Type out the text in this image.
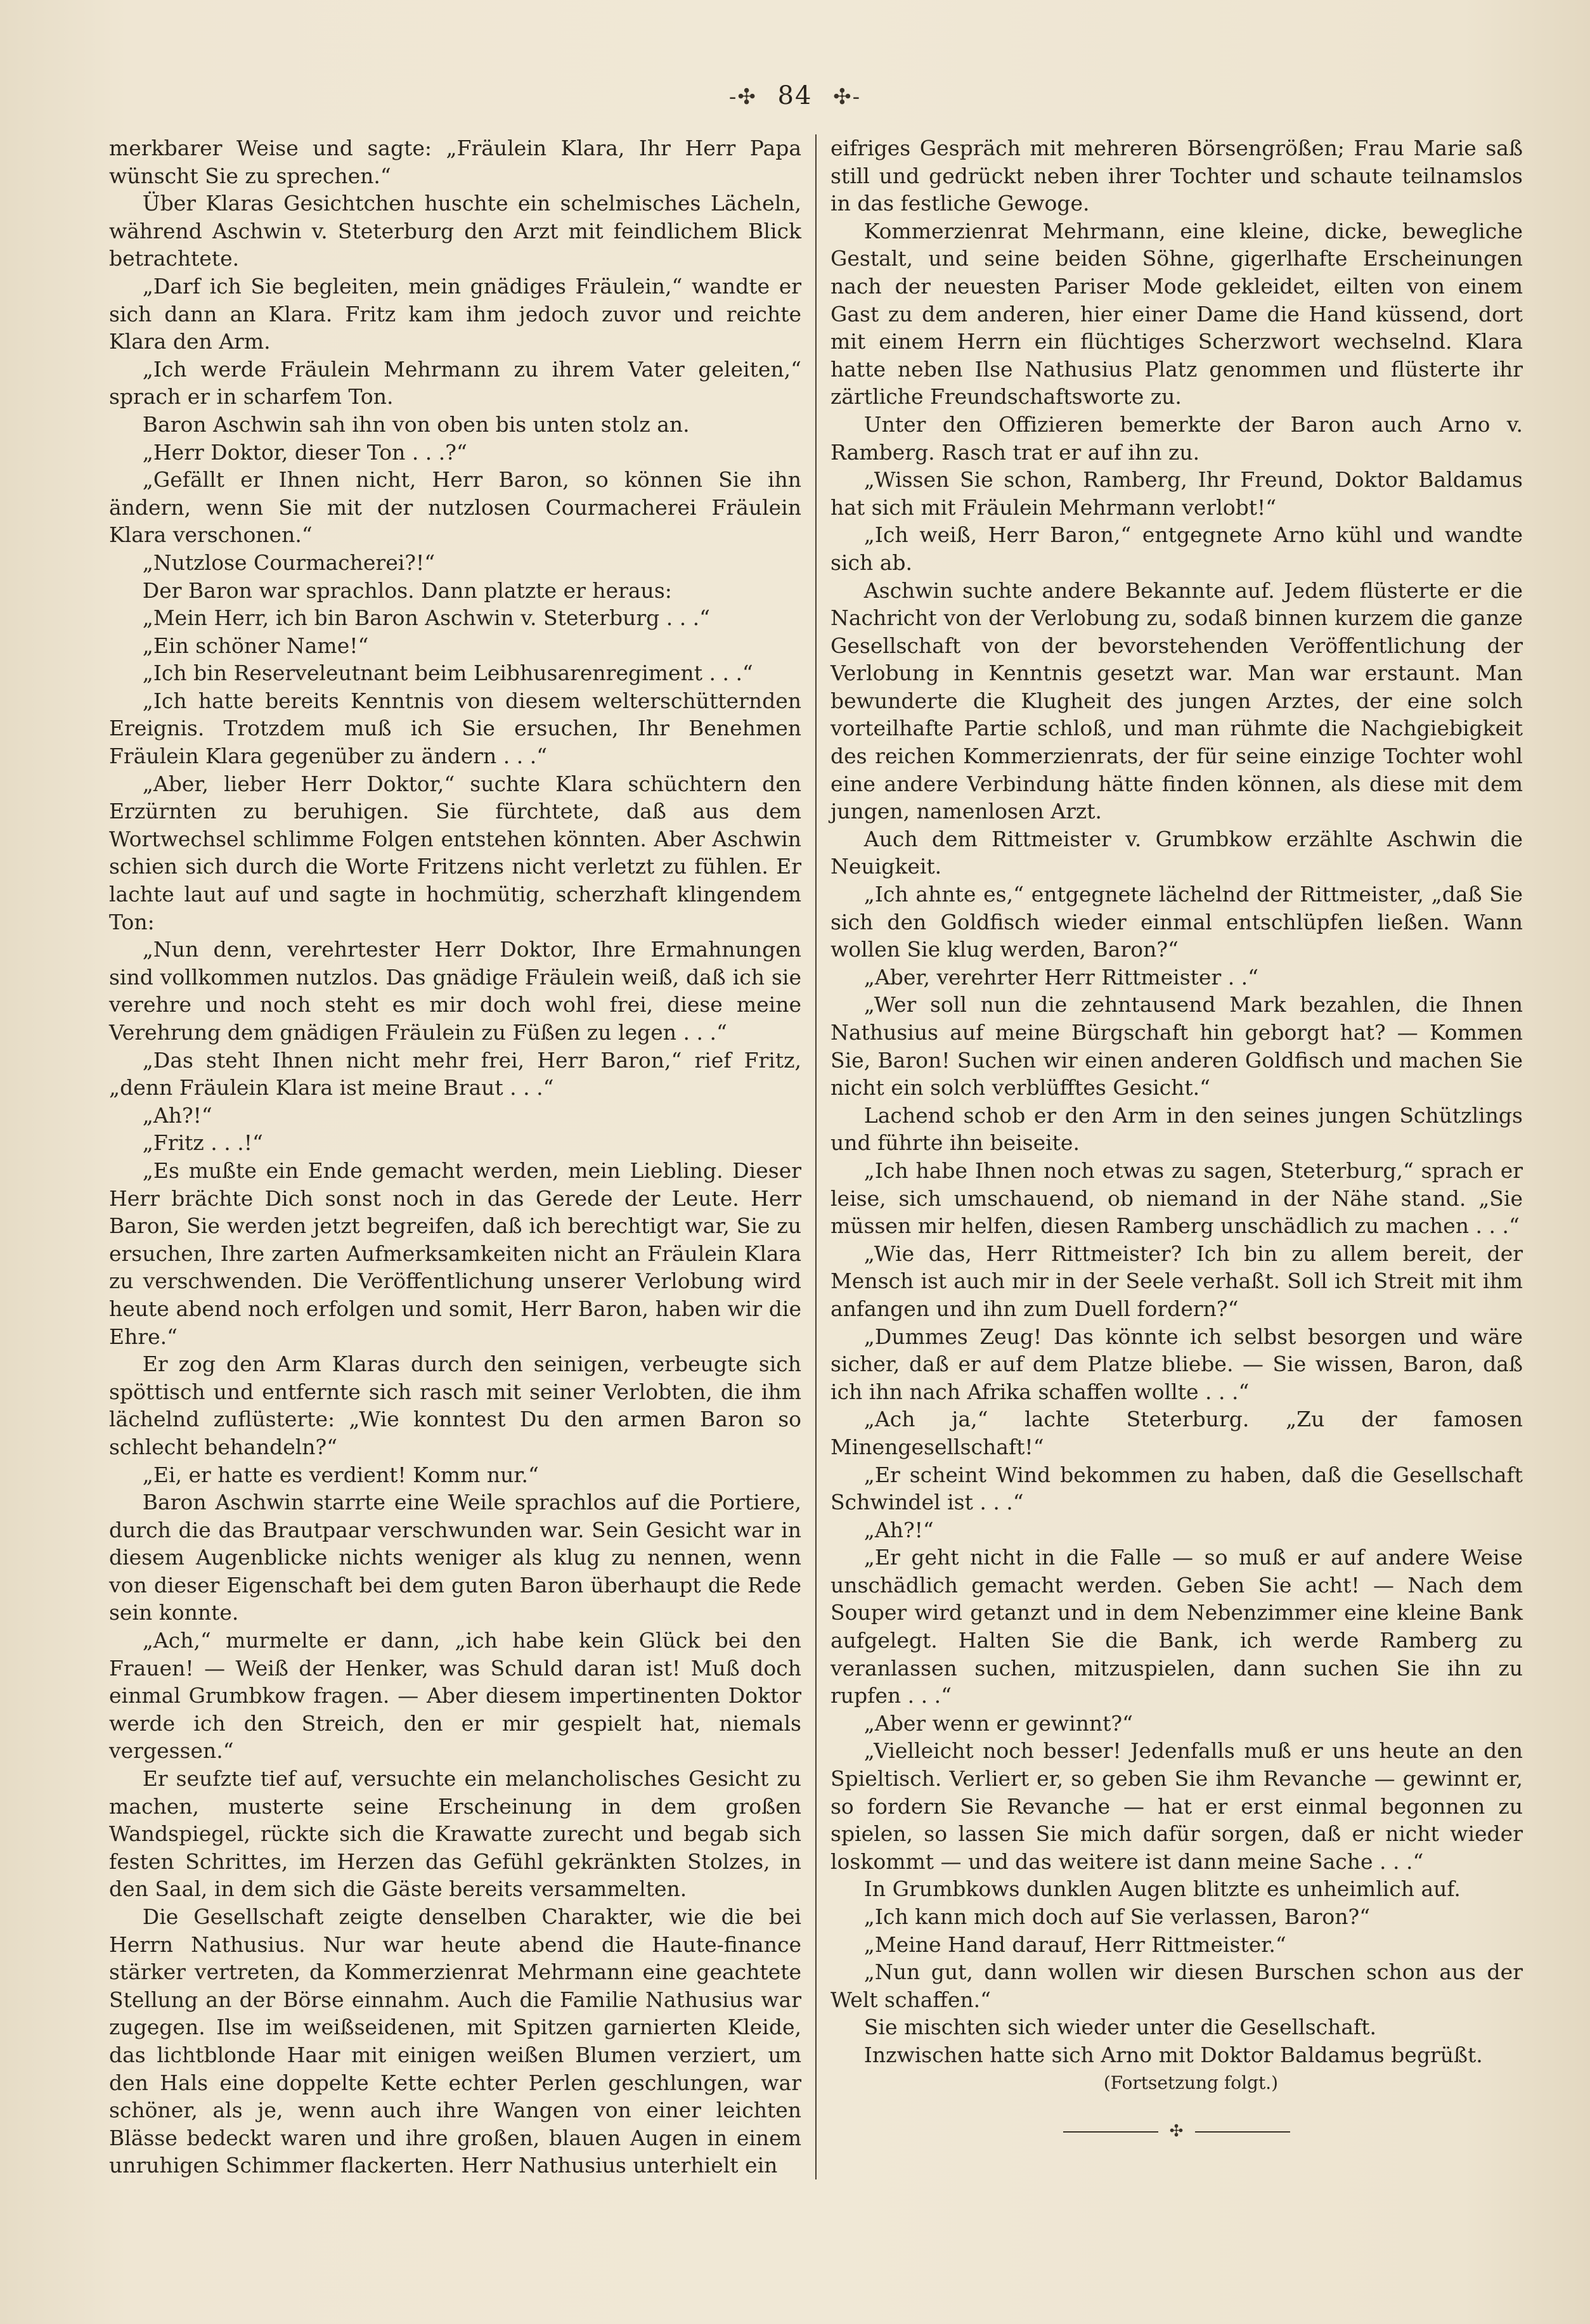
-✣ 84 ✣-

merkbarer Weise und sagte: „Fräulein Klara, Ihr Herr Papa wünscht Sie zu sprechen.“

Über Klaras Gesichtchen huschte ein schelmisches Lächeln, während Aschwin v. Steterburg den Arzt mit feindlichem Blick betrachtete.

„Darf ich Sie begleiten, mein gnädiges Fräulein,“ wandte er sich dann an Klara. Fritz kam ihm jedoch zuvor und reichte Klara den Arm.

„Ich werde Fräulein Mehrmann zu ihrem Vater geleiten,“ sprach er in scharfem Ton.

Baron Aschwin sah ihn von oben bis unten stolz an.

„Herr Doktor, dieser Ton . . .?“

„Gefällt er Ihnen nicht, Herr Baron, so können Sie ihn ändern, wenn Sie mit der nutzlosen Courmacherei Fräulein Klara verschonen.“

„Nutzlose Courmacherei?!“

Der Baron war sprachlos. Dann platzte er heraus:

„Mein Herr, ich bin Baron Aschwin v. Steterburg . . .“

„Ein schöner Name!“

„Ich bin Reserveleutnant beim Leibhusarenregiment . . .“

„Ich hatte bereits Kenntnis von diesem welterschütternden Ereignis. Trotzdem muß ich Sie ersuchen, Ihr Benehmen Fräulein Klara gegenüber zu ändern . . .“

„Aber, lieber Herr Doktor,“ suchte Klara schüchtern den Erzürnten zu beruhigen. Sie fürchtete, daß aus dem Wortwechsel schlimme Folgen entstehen könnten. Aber Aschwin schien sich durch die Worte Fritzens nicht verletzt zu fühlen. Er lachte laut auf und sagte in hochmütig, scherzhaft klingendem Ton:

„Nun denn, verehrtester Herr Doktor, Ihre Ermahnungen sind vollkommen nutzlos. Das gnädige Fräulein weiß, daß ich sie verehre und noch steht es mir doch wohl frei, diese meine Verehrung dem gnädigen Fräulein zu Füßen zu legen . . .“

„Das steht Ihnen nicht mehr frei, Herr Baron,“ rief Fritz, „denn Fräulein Klara ist meine Braut . . .“

„Ah?!“

„Fritz . . .!“

„Es mußte ein Ende gemacht werden, mein Liebling. Dieser Herr brächte Dich sonst noch in das Gerede der Leute. Herr Baron, Sie werden jetzt begreifen, daß ich berechtigt war, Sie zu ersuchen, Ihre zarten Aufmerksamkeiten nicht an Fräulein Klara zu verschwenden. Die Veröffentlichung unserer Verlobung wird heute abend noch erfolgen und somit, Herr Baron, haben wir die Ehre.“

Er zog den Arm Klaras durch den seinigen, verbeugte sich spöttisch und entfernte sich rasch mit seiner Verlobten, die ihm lächelnd zuflüsterte: „Wie konntest Du den armen Baron so schlecht behandeln?“

„Ei, er hatte es verdient! Komm nur.“

Baron Aschwin starrte eine Weile sprachlos auf die Portiere, durch die das Brautpaar verschwunden war. Sein Gesicht war in diesem Augenblicke nichts weniger als klug zu nennen, wenn von dieser Eigenschaft bei dem guten Baron überhaupt die Rede sein konnte.

„Ach,“ murmelte er dann, „ich habe kein Glück bei den Frauen! — Weiß der Henker, was Schuld daran ist! Muß doch einmal Grumbkow fragen. — Aber diesem impertinenten Doktor werde ich den Streich, den er mir gespielt hat, niemals vergessen.“

Er seufzte tief auf, versuchte ein melancholisches Gesicht zu machen, musterte seine Erscheinung in dem großen Wandspiegel, rückte sich die Krawatte zurecht und begab sich festen Schrittes, im Herzen das Gefühl gekränkten Stolzes, in den Saal, in dem sich die Gäste bereits versammelten.

Die Gesellschaft zeigte denselben Charakter, wie die bei Herrn Nathusius. Nur war heute abend die Haute-finance stärker vertreten, da Kommerzienrat Mehrmann eine geachtete Stellung an der Börse einnahm. Auch die Familie Nathusius war zugegen. Ilse im weißseidenen, mit Spitzen garnierten Kleide, das lichtblonde Haar mit einigen weißen Blumen verziert, um den Hals eine doppelte Kette echter Perlen geschlungen, war schöner, als je, wenn auch ihre Wangen von einer leichten Blässe bedeckt waren und ihre großen, blauen Augen in einem unruhigen Schimmer flackerten. Herr Nathusius unterhielt ein

eifriges Gespräch mit mehreren Börsengrößen; Frau Marie saß still und gedrückt neben ihrer Tochter und schaute teilnamslos in das festliche Gewoge.

Kommerzienrat Mehrmann, eine kleine, dicke, bewegliche Gestalt, und seine beiden Söhne, gigerlhafte Erscheinungen nach der neuesten Pariser Mode gekleidet, eilten von einem Gast zu dem anderen, hier einer Dame die Hand küssend, dort mit einem Herrn ein flüchtiges Scherzwort wechselnd. Klara hatte neben Ilse Nathusius Platz genommen und flüsterte ihr zärtliche Freundschaftsworte zu.

Unter den Offizieren bemerkte der Baron auch Arno v. Ramberg. Rasch trat er auf ihn zu.

„Wissen Sie schon, Ramberg, Ihr Freund, Doktor Baldamus hat sich mit Fräulein Mehrmann verlobt!“

„Ich weiß, Herr Baron,“ entgegnete Arno kühl und wandte sich ab.

Aschwin suchte andere Bekannte auf. Jedem flüsterte er die Nachricht von der Verlobung zu, sodaß binnen kurzem die ganze Gesellschaft von der bevorstehenden Veröffentlichung der Verlobung in Kenntnis gesetzt war. Man war erstaunt. Man bewunderte die Klugheit des jungen Arztes, der eine solch vorteilhafte Partie schloß, und man rühmte die Nachgiebigkeit des reichen Kommerzienrats, der für seine einzige Tochter wohl eine andere Verbindung hätte finden können, als diese mit dem jungen, namenlosen Arzt.

Auch dem Rittmeister v. Grumbkow erzählte Aschwin die Neuigkeit.

„Ich ahnte es,“ entgegnete lächelnd der Rittmeister, „daß Sie sich den Goldfisch wieder einmal entschlüpfen ließen. Wann wollen Sie klug werden, Baron?“

„Aber, verehrter Herr Rittmeister . .“

„Wer soll nun die zehntausend Mark bezahlen, die Ihnen Nathusius auf meine Bürgschaft hin geborgt hat? — Kommen Sie, Baron! Suchen wir einen anderen Goldfisch und machen Sie nicht ein solch verblüfftes Gesicht.“

Lachend schob er den Arm in den seines jungen Schützlings und führte ihn beiseite.

„Ich habe Ihnen noch etwas zu sagen, Steterburg,“ sprach er leise, sich umschauend, ob niemand in der Nähe stand. „Sie müssen mir helfen, diesen Ramberg unschädlich zu machen . . .“

„Wie das, Herr Rittmeister? Ich bin zu allem bereit, der Mensch ist auch mir in der Seele verhaßt. Soll ich Streit mit ihm anfangen und ihn zum Duell fordern?“

„Dummes Zeug! Das könnte ich selbst besorgen und wäre sicher, daß er auf dem Platze bliebe. — Sie wissen, Baron, daß ich ihn nach Afrika schaffen wollte . . .“

„Ach ja,“ lachte Steterburg. „Zu der famosen Minengesellschaft!“

„Er scheint Wind bekommen zu haben, daß die Gesellschaft Schwindel ist . . .“

„Ah?!“

„Er geht nicht in die Falle — so muß er auf andere Weise unschädlich gemacht werden. Geben Sie acht! — Nach dem Souper wird getanzt und in dem Nebenzimmer eine kleine Bank aufgelegt. Halten Sie die Bank, ich werde Ramberg zu veranlassen suchen, mitzuspielen, dann suchen Sie ihn zu rupfen . . .“

„Aber wenn er gewinnt?“

„Vielleicht noch besser! Jedenfalls muß er uns heute an den Spieltisch. Verliert er, so geben Sie ihm Revanche — gewinnt er, so fordern Sie Revanche — hat er erst einmal begonnen zu spielen, so lassen Sie mich dafür sorgen, daß er nicht wieder loskommt — und das weitere ist dann meine Sache . . .“

In Grumbkows dunklen Augen blitzte es unheimlich auf.

„Ich kann mich doch auf Sie verlassen, Baron?“

„Meine Hand darauf, Herr Rittmeister.“

„Nun gut, dann wollen wir diesen Burschen schon aus der Welt schaffen.“

Sie mischten sich wieder unter die Gesellschaft.

Inzwischen hatte sich Arno mit Doktor Baldamus begrüßt.

(Fortsetzung folgt.)

✣
